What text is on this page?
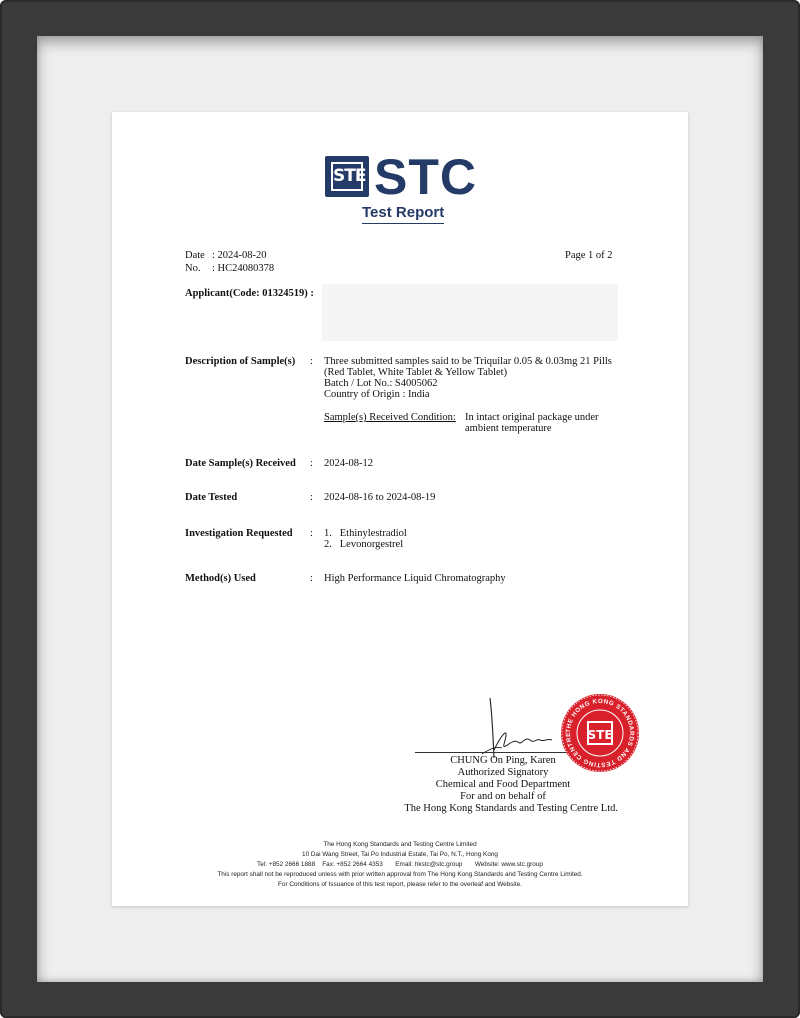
STE STC
Test Report
Date : 2024-08-20
No. : HC24080378
Page 1 of 2
Applicant(Code: 01324519) :
Description of Sample(s) : Three submitted samples said to be Triquilar 0.05 & 0.03mg 21 Pills
(Red Tablet, White Tablet & Yellow Tablet)
Batch / Lot No.: S4005062
Country of Origin : India
Sample(s) Received Condition: In intact original package under
ambient temperature
Date Sample(s) Received : 2024-08-12
Date Tested	: 2024-08-16 to 2024-08-19
Investigation Requested : 1.   Ethinylestradiol
2.   Levonorgestrel
Method(s) Used	: High Performance Liquid Chromatography
THE HONG KONG STANDARDS AND TESTING CENTRE	STE
CHUNG On Ping, Karen
Authorized Signatory
Chemical and Food Department
For and on behalf of
The Hong Kong Standards and Testing Centre Ltd.
The Hong Kong Standards and Testing Centre Limited
10 Dai Wang Street, Tai Po Industrial Estate, Tai Po, N.T., Hong Kong
Tel: +852 2666 1888    Fax: +852 2664 4353       Email: hkstc@stc.group       Website: www.stc.group
This report shall not be reproduced unless with prior written approval from The Hong Kong Standards and Testing Centre Limited.
For Conditions of Issuance of this test report, please refer to the overleaf and Website.
